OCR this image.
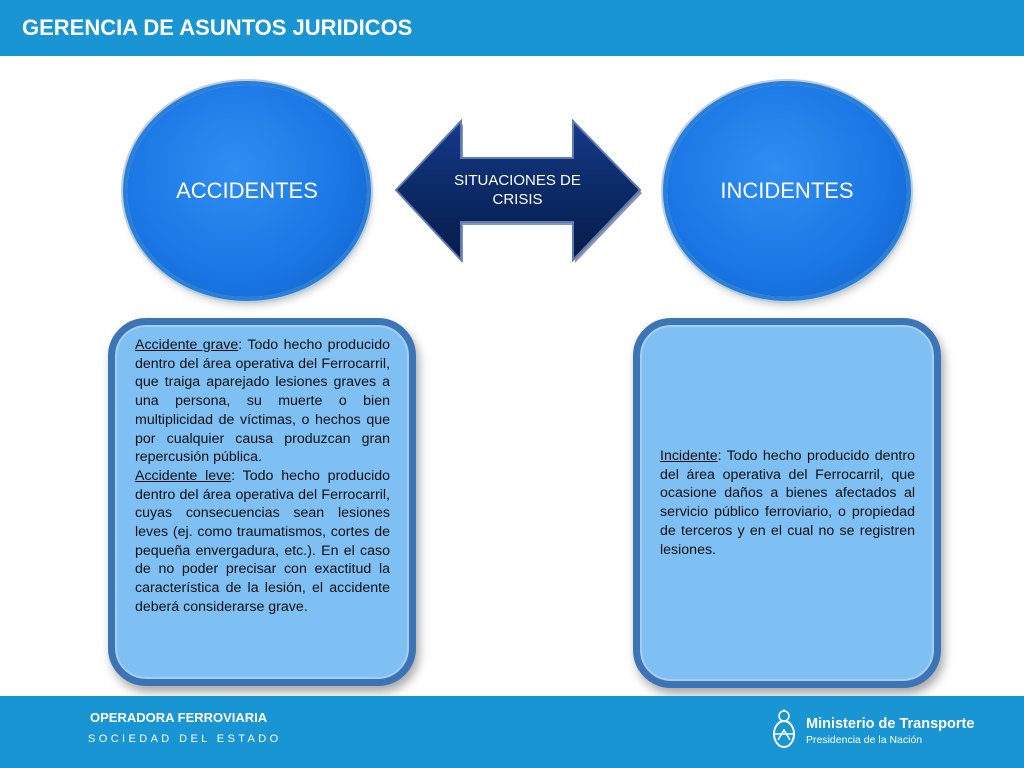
GERENCIA DE ASUNTOS JURIDICOS
ACCIDENTES	SITUACIONES DE
CRISIS	INCIDENTES
Accidente grave: Todo hecho producido dentro del área operativa del Ferrocarril, que traiga aparejado lesiones graves a una persona, su muerte o bien multiplicidad de víctimas, o hechos que por cualquier causa produzcan gran repercusión pública.
Accidente leve: Todo hecho producido dentro del área operativa del Ferrocarril, cuyas consecuencias sean lesiones leves (ej. como traumatismos, cortes de pequeña envergadura, etc.). En el caso de no poder precisar con exactitud la característica de la lesión, el accidente deberá considerarse grave.
Incidente: Todo hecho producido dentro del área operativa del Ferrocarril, que ocasione daños a bienes afectados al servicio público ferroviario, o propiedad de terceros y en el cual no se registren lesiones.
OPERADORA FERROVIARIA
SOCIEDAD DEL ESTADO
Ministerio de Transporte
Presidencia de la Nación
